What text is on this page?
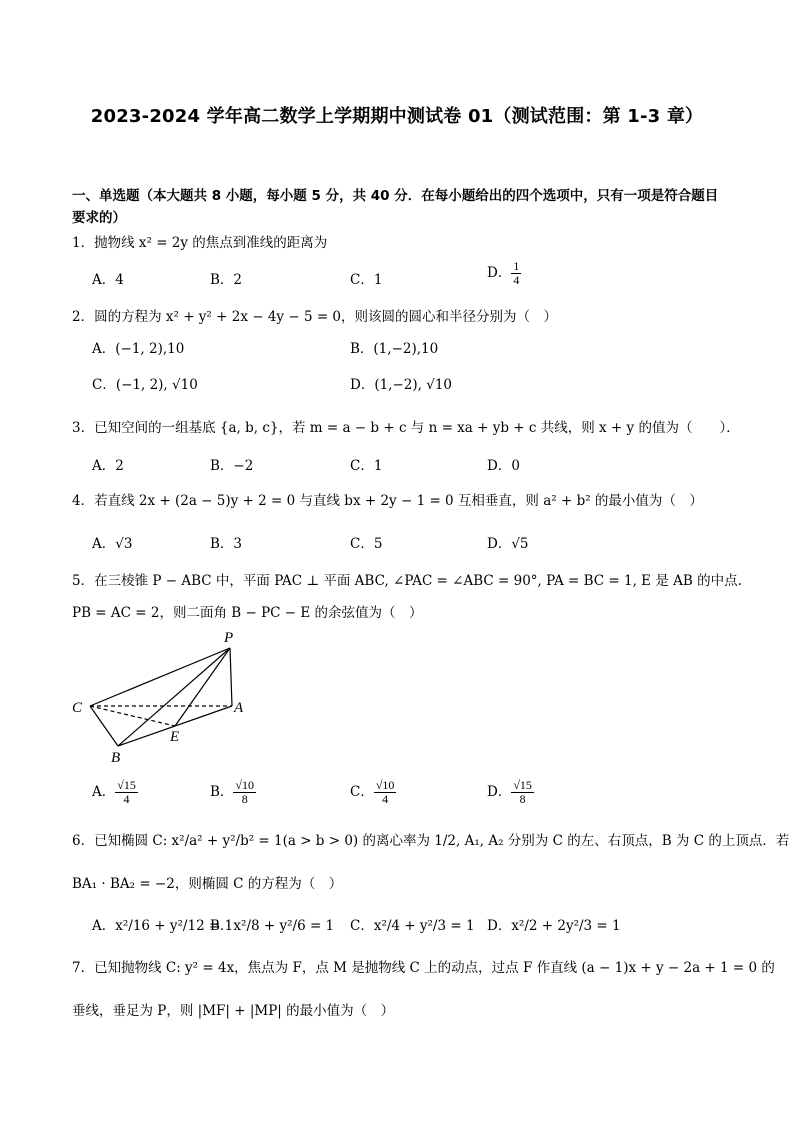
2023-2024 学年高二数学上学期期中测试卷 01（测试范围：第 1-3 章）
一、单选题（本大题共 8 小题，每小题 5 分，共 40 分．在每小题给出的四个选项中，只有一项是符合题目
要求的）
1．抛物线 x² = 2y 的焦点到准线的距离为
A．4	B．2	C．1	D． $\frac{1}{4}$
2．圆的方程为 x² + y² + 2x − 4y − 5 = 0，则该圆的圆心和半径分别为（　）
A．(−1, 2),10	B．(1,−2),10
C．(−1, 2), √10	D．(1,−2), √10
3．已知空间的一组基底 {a, b, c}，若 m = a − b + c 与 n = xa + yb + c 共线，则 x + y 的值为（　　）．
A．2	B．−2	C．1	D．0
4．若直线 2x + (2a − 5)y + 2 = 0 与直线 bx + 2y − 1 = 0 互相垂直，则 a² + b² 的最小值为（　）
A．√3	B．3	C．5	D．√5
5．在三棱锥 P − ABC 中，平面 PAC ⊥ 平面 ABC, ∠PAC = ∠ABC = 90°, PA = BC = 1, E 是 AB 的中点.
PB = AC = 2，则二面角 B − PC − E 的余弦值为（　）
P
C	A
E
B
A． $\frac{√15}{4}$	B． $\frac{√10}{8}$	C． $\frac{√10}{4}$	D． $\frac{√15}{8}$
6．已知椭圆 C: x²/a² + y²/b² = 1(a > b > 0) 的离心率为 1/2, A₁, A₂ 分别为 C 的左、右顶点，B 为 C 的上顶点．若
BA₁ · BA₂ = −2，则椭圆 C 的方程为（　）
A．x²/16 + y²/12 = 1
B．x²/8 + y²/6 = 1 C．x²/4 + y²/3 = 1 D．x²/2 + 2y²/3 = 1
7．已知抛物线 C: y² = 4x，焦点为 F，点 M 是抛物线 C 上的动点，过点 F 作直线 (a − 1)x + y − 2a + 1 = 0 的
垂线，垂足为 P，则 |MF| + |MP| 的最小值为（　）
